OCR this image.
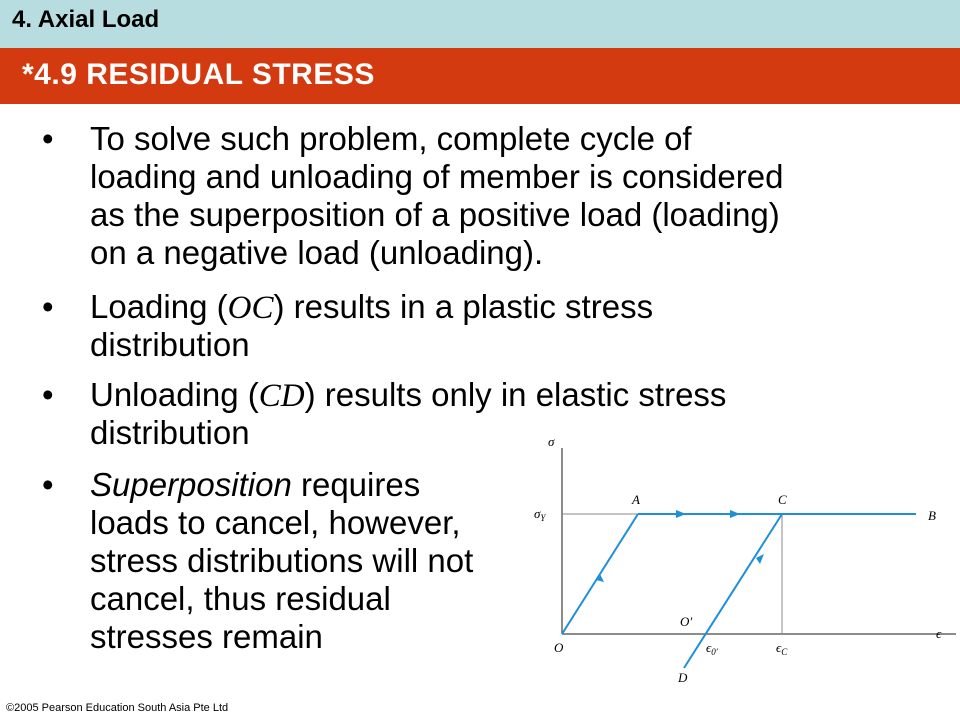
4. Axial Load
*4.9 RESIDUAL STRESS
• To solve such problem, complete cycle of
loading and unloading of member is considered
as the superposition of a positive load (loading)
on a negative load (unloading).
• Loading (OC) results in a plastic stress
distribution
• Unloading (CD) results only in elastic stress
distribution
• Superposition requires
loads to cancel, however,
stress distributions will not
cancel, thus residual
stresses remain
σ
$\sigma_Y$
A	C
B
ϵ
O
O′
$\epsilon_{0'}$	$\epsilon_C$
D
©2005 Pearson Education South Asia Pte Ltd
